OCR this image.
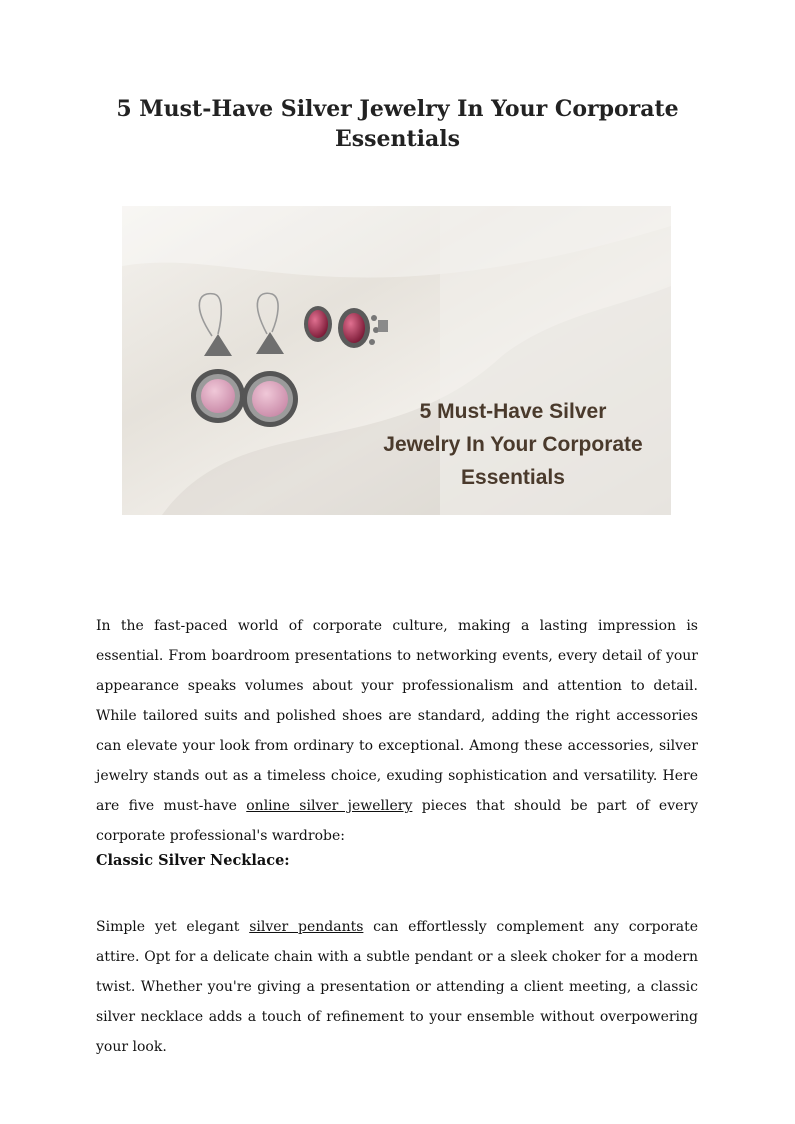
5 Must-Have Silver Jewelry In Your Corporate Essentials
5 Must-Have Silver
Jewelry In Your Corporate
Essentials

In the fast-paced world of corporate culture, making a lasting impression is essential. From boardroom presentations to networking events, every detail of your appearance speaks volumes about your professionalism and attention to detail. While tailored suits and polished shoes are standard, adding the right accessories can elevate your look from ordinary to exceptional. Among these accessories, silver jewelry stands out as a timeless choice, exuding sophistication and versatility. Here are five must-have online silver jewellery pieces that should be part of every corporate professional's wardrobe:

Classic Silver Necklace:

Simple yet elegant silver pendants can effortlessly complement any corporate attire. Opt for a delicate chain with a subtle pendant or a sleek choker for a modern twist. Whether you're giving a presentation or attending a client meeting, a classic silver necklace adds a touch of refinement to your ensemble without overpowering your look.
